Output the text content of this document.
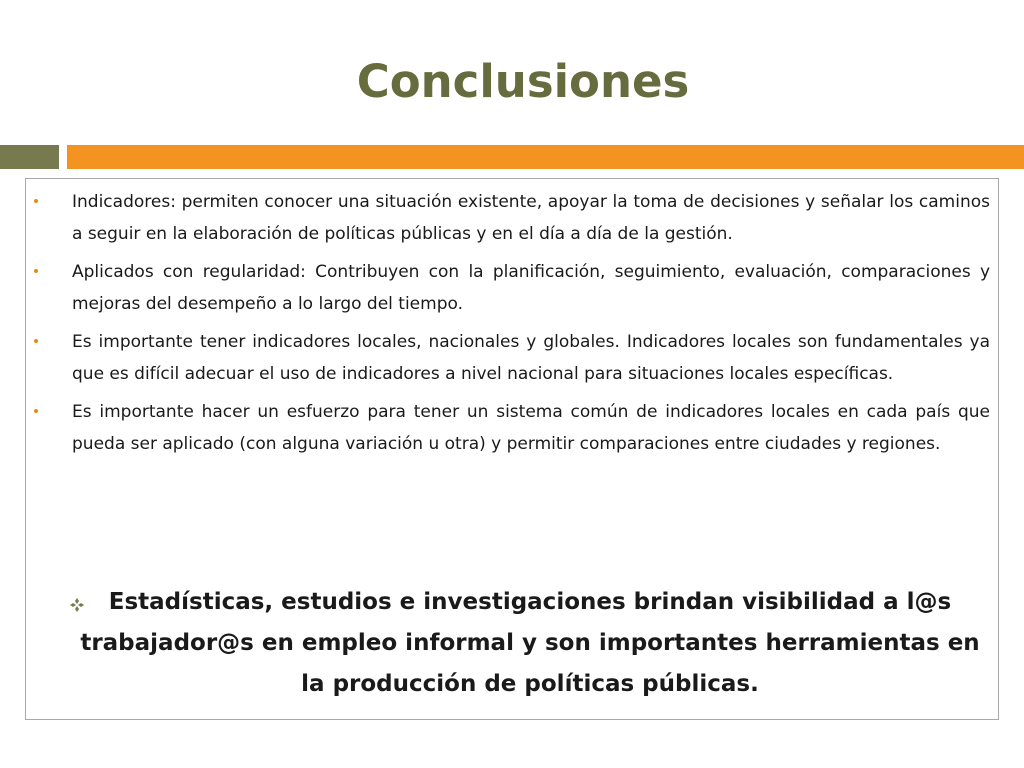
Conclusiones
Indicadores: permiten conocer una situación existente, apoyar la toma de decisiones y señalar los caminos a seguir en la elaboración de políticas públicas y en el día a día de la gestión.
Aplicados con regularidad: Contribuyen con la planificación, seguimiento, evaluación, comparaciones y mejoras del desempeño a lo largo del tiempo.
Es importante tener indicadores locales, nacionales y globales. Indicadores locales son fundamentales ya que es difícil adecuar el uso de indicadores a nivel nacional para situaciones locales específicas.
Es importante hacer un esfuerzo para tener un sistema común de indicadores locales en cada país que pueda ser aplicado (con alguna variación u otra) y permitir comparaciones entre ciudades y regiones.
Estadísticas, estudios e investigaciones brindan visibilidad a l@s trabajador@s en empleo informal y son importantes herramientas en la producción de políticas públicas.
